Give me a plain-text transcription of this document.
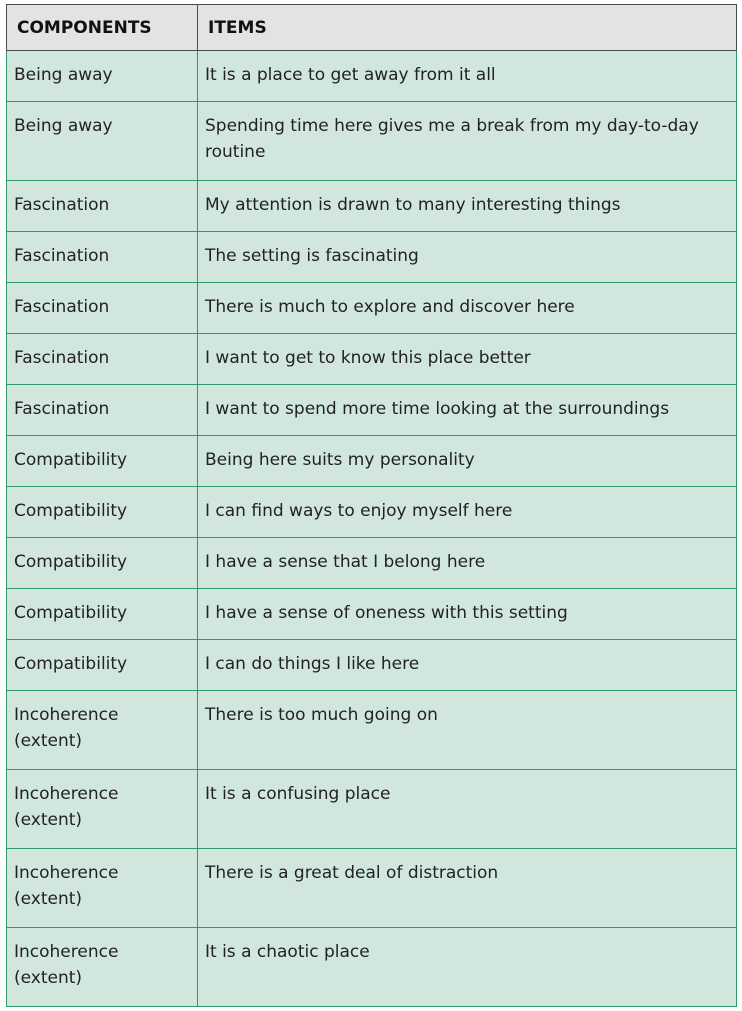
COMPONENTS	ITEMS
Being away	It is a place to get away from it all
Being away	Spending time here gives me a break from my day-to-day routine
Fascination	My attention is drawn to many interesting things
Fascination	The setting is fascinating
Fascination	There is much to explore and discover here
Fascination	I want to get to know this place better
Fascination	I want to spend more time looking at the surroundings
Compatibility	Being here suits my personality
Compatibility	I can find ways to enjoy myself here
Compatibility	I have a sense that I belong here
Compatibility	I have a sense of oneness with this setting
Compatibility	I can do things I like here
Incoherence (extent)	There is too much going on
Incoherence (extent)	It is a confusing place
Incoherence (extent)	There is a great deal of distraction
Incoherence (extent)	It is a chaotic place
